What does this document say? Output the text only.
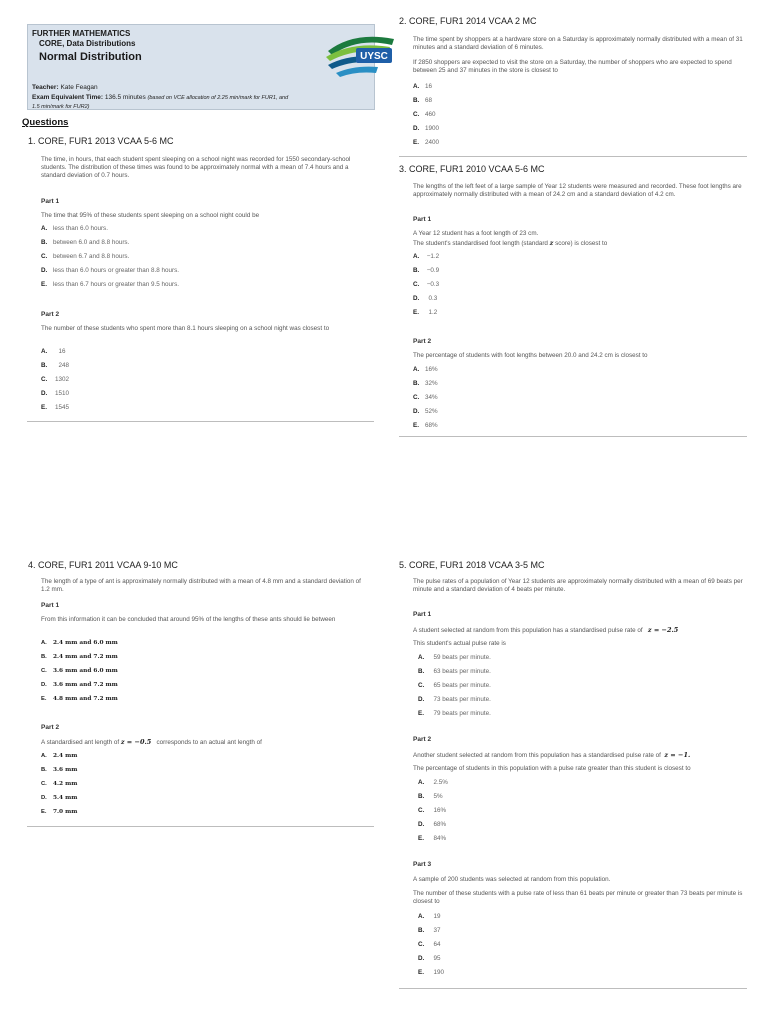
FURTHER MATHEMATICS
CORE, Data Distributions
Normal Distribution
Teacher: Kate Feagan
Exam Equivalent Time: 136.5 minutes (based on VCE allocation of 2.25 min/mark for FUR1, and 1.5 min/mark for FUR2)
UYSC
Questions
1. CORE, FUR1 2013 VCAA 5-6 MC
The time, in hours, that each student spent sleeping on a school night was recorded for 1550 secondary-school students. The distribution of these times was found to be approximately normal with a mean of 7.4 hours and a standard deviation of 0.7 hours.
Part 1
The time that 95% of these students spent sleeping on a school night could be
A. less than 6.0 hours.
B. between 6.0 and 8.8 hours.
C. between 6.7 and 8.8 hours.
D. less than 6.0 hours or greater than 8.8 hours.
E. less than 6.7 hours or greater than 9.5 hours.
Part 2
The number of these students who spent more than 8.1 hours sleeping on a school night was closest to
A. 16
B. 248
C. 1302
D. 1510
E. 1545
2. CORE, FUR1 2014 VCAA 2 MC
The time spent by shoppers at a hardware store on a Saturday is approximately normally distributed with a mean of 31 minutes and a standard deviation of 6 minutes.
If 2850 shoppers are expected to visit the store on a Saturday, the number of shoppers who are expected to spend between 25 and 37 minutes in the store is closest to
A. 16
B. 68
C. 460
D. 1900
E. 2400
3. CORE, FUR1 2010 VCAA 5-6 MC
The lengths of the left feet of a large sample of Year 12 students were measured and recorded. These foot lengths are approximately normally distributed with a mean of 24.2 cm and a standard deviation of 4.2 cm.
Part 1
A Year 12 student has a foot length of 23 cm.
The student's standardised foot length (standard z score) is closest to
A. −1.2
B. −0.9
C. −0.3
D. 0.3
E. 1.2
Part 2
The percentage of students with foot lengths between 20.0 and 24.2 cm is closest to
A. 16%
B. 32%
C. 34%
D. 52%
E. 68%
4. CORE, FUR1 2011 VCAA 9-10 MC
The length of a type of ant is approximately normally distributed with a mean of 4.8 mm and a standard deviation of 1.2 mm.
Part 1
From this information it can be concluded that around 95% of the lengths of these ants should lie between
A. 2.4 mm and 6.0 mm
B. 2.4 mm and 7.2 mm
C. 3.6 mm and 6.0 mm
D. 3.6 mm and 7.2 mm
E. 4.8 mm and 7.2 mm
Part 2
A standardised ant length of z = −0.5   corresponds to an actual ant length of
A. 2.4 mm
B. 3.6 mm
C. 4.2 mm
D. 5.4 mm
E. 7.0 mm
5. CORE, FUR1 2018 VCAA 3-5 MC
The pulse rates of a population of Year 12 students are approximately normally distributed with a mean of 69 beats per minute and a standard deviation of 4 beats per minute.
Part 1
A student selected at random from this population has a standardised pulse rate of   z = −2.5
This student's actual pulse rate is
A. 59 beats per minute.
B. 63 beats per minute.
C. 65 beats per minute.
D. 73 beats per minute.
E. 79 beats per minute.
Part 2
Another student selected at random from this population has a standardised pulse rate of  z = −1.
The percentage of students in this population with a pulse rate greater than this student is closest to
A. 2.5%
B. 5%
C. 16%
D. 68%
E. 84%
Part 3
A sample of 200 students was selected at random from this population.
The number of these students with a pulse rate of less than 61 beats per minute or greater than 73 beats per minute is closest to
A. 19
B. 37
C. 64
D. 95
E. 190
